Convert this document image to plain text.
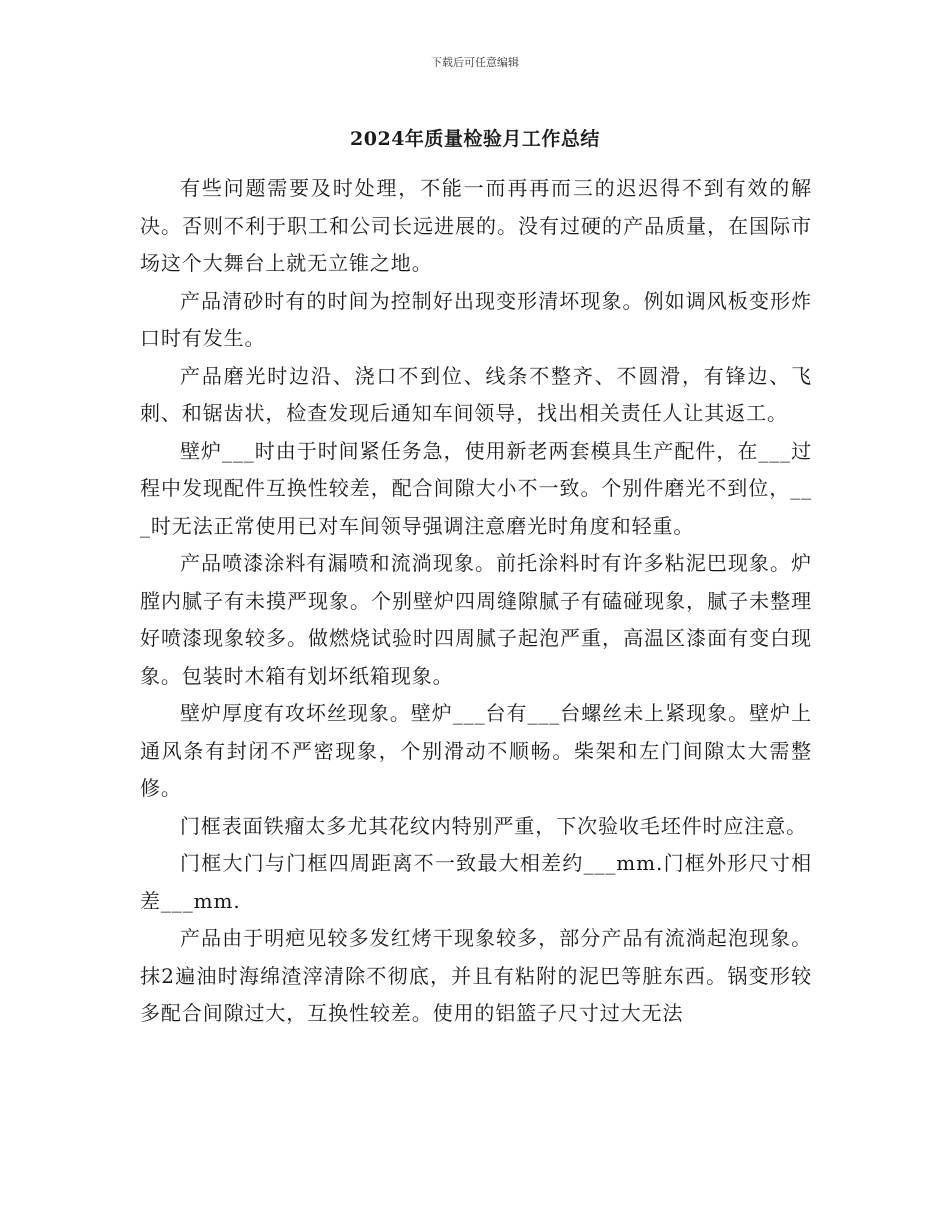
下载后可任意编辑
2024年质量检验月工作总结

有些问题需要及时处理，不能一而再再而三的迟迟得不到有效的解决。否则不利于职工和公司长远进展的。没有过硬的产品质量，在国际市场这个大舞台上就无立锥之地。

产品清砂时有的时间为控制好出现变形清坏现象。例如调风板变形炸口时有发生。

产品磨光时边沿、浇口不到位、线条不整齐、不圆滑，有锋边、飞刺、和锯齿状，检查发现后通知车间领导，找出相关责任人让其返工。

壁炉___时由于时间紧任务急，使用新老两套模具生产配件，在___过程中发现配件互换性较差，配合间隙大小不一致。个别件磨光不到位，___时无法正常使用已对车间领导强调注意磨光时角度和轻重。

产品喷漆涂料有漏喷和流淌现象。前托涂料时有许多粘泥巴现象。炉膛内腻子有未摸严现象。个别壁炉四周缝隙腻子有磕碰现象，腻子未整理好喷漆现象较多。做燃烧试验时四周腻子起泡严重，高温区漆面有变白现象。包装时木箱有划坏纸箱现象。

壁炉厚度有攻坏丝现象。壁炉___台有___台螺丝未上紧现象。壁炉上通风条有封闭不严密现象，个别滑动不顺畅。柴架和左门间隙太大需整修。

门框表面铁瘤太多尤其花纹内特别严重，下次验收毛坯件时应注意。

门框大门与门框四周距离不一致最大相差约___mm.门框外形尺寸相差___mm.

产品由于明疤见较多发红烤干现象较多，部分产品有流淌起泡现象。抹2遍油时海绵渣滓清除不彻底，并且有粘附的泥巴等脏东西。锅变形较多配合间隙过大，互换性较差。使用的铝篮子尺寸过大无法
